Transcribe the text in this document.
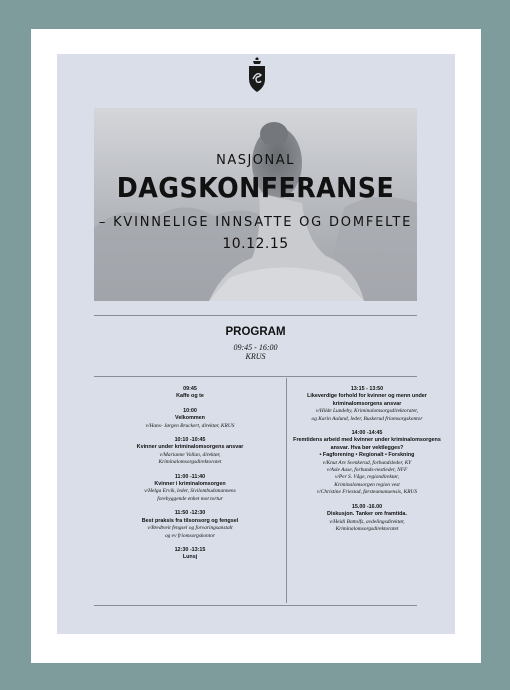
NASJONAL
DAGSKONFERANSE
– KVINNELIGE INNSATTE OG DOMFELTE
10.12.15
PROGRAM
09:45 - 16:00
KRUS
09:45
Kaffe og te
10:00
Velkommen
v/Hans- Jørgen Bruckert, direktør, KRUS
10:10 -10:45
Kvinner under kriminalomsorgens ansvar
v/Marianne Vollan, direktør,
Kriminalomsorgsdirektoratet
11:00 -11:40
Kvinner i kriminalomsorgen
v/Helga Ervik, leder, Sivilombudsmannens
forebyggende enhet mot tortur
11:50 -12:30
Best praksis fra tilsonsorg og fengsel
v/Bredtveit fengsel og forvaringsanstalt
og ev friomsorgskontor
12:30 -13:15
Lunsj
13:15 - 13:50
Likeverdige forhold for kvinner og menn under kriminalomsorgens ansvar
v/Hilde Lundeby, Kriminalomsorgsdirektoratet,
og Karin Aalund, leder, Buskerud friomsorgskontor
14:00 -14:45
Fremtidens arbeid med kvinner under kriminalomsorgens ansvar. Hva bør vektlegges?
• Fagforening • Regionalt • Forskning
v/Knut Are Svenkerud, forbundsleder, KY
v/Asle Aase, forbunds-nestleder, NFF
v/Per S. Våge, regiondirektør,
Kriminalomsorgen region vest
v/Christine Friestad, førsteamanuensis, KRUS
15.00 -16.00
Diskusjon. Tanker om framtida.
v/Heidi Bottolfs, avdelingsdirektør,
Kriminalomsorgsdirektoratet
